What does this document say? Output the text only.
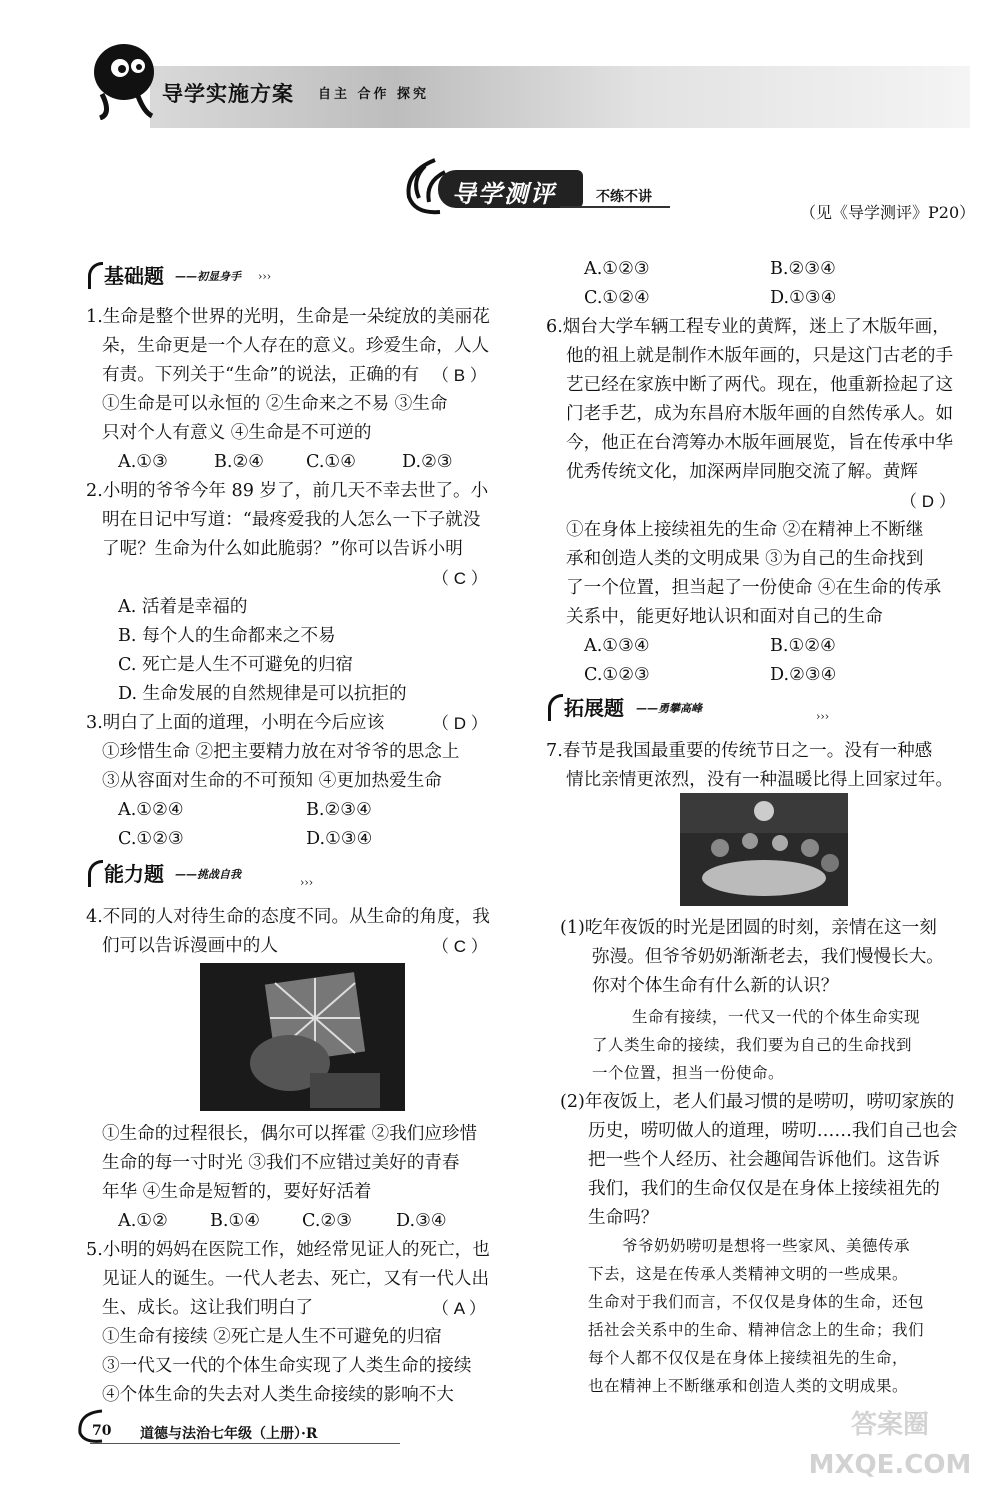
导学实施方案 自主 合作 探究
导学测评	不练不讲
（见《导学测评》P20）
基础题 ——初显身手 ›››
1.生命是整个世界的光明，生命是一朵绽放的美丽花
朵，生命更是一个人存在的意义。珍爱生命，人人
有责。下列关于“生命”的说法，正确的有 （ B ）
①生命是可以永恒的 ②生命来之不易 ③生命
只对个人有意义 ④生命是不可逆的
A.①③	B.②④ C.①④	D.②③
2.小明的爷爷今年 89 岁了，前几天不幸去世了。小
明在日记中写道：“最疼爱我的人怎么一下子就没
了呢？生命为什么如此脆弱？”你可以告诉小明
（ C ）
A. 活着是幸福的
B. 每个人的生命都来之不易
C. 死亡是人生不可避免的归宿
D. 生命发展的自然规律是可以抗拒的
3.明白了上面的道理，小明在今后应该	（ D ）
①珍惜生命 ②把主要精力放在对爷爷的思念上
③从容面对生命的不可预知 ④更加热爱生命
A.①②④	B.②③④
C.①②③	D.①③④
能力题 ——挑战自我
›››
4.不同的人对待生命的态度不同。从生命的角度，我
们可以告诉漫画中的人	（ C ）
①生命的过程很长，偶尔可以挥霍 ②我们应珍惜
生命的每一寸时光 ③我们不应错过美好的青春
年华 ④生命是短暂的，要好好活着
A.①② B.①④ C.②③	D.③④
5.小明的妈妈在医院工作，她经常见证人的死亡，也
见证人的诞生。一代人老去、死亡，又有一代人出
生、成长。这让我们明白了	（ A ）
①生命有接续 ②死亡是人生不可避免的归宿
③一代又一代的个体生命实现了人类生命的接续
④个体生命的失去对人类生命接续的影响不大
A.①②③	B.②③④
C.①②④	D.①③④
6.烟台大学车辆工程专业的黄辉，迷上了木版年画，
他的祖上就是制作木版年画的，只是这门古老的手
艺已经在家族中断了两代。现在，他重新捡起了这
门老手艺，成为东昌府木版年画的自然传承人。如
今，他正在台湾筹办木版年画展览，旨在传承中华
优秀传统文化，加深两岸同胞交流了解。黄辉
（ D ）
①在身体上接续祖先的生命 ②在精神上不断继
承和创造人类的文明成果 ③为自己的生命找到
了一个位置，担当起了一份使命 ④在生命的传承
关系中，能更好地认识和面对自己的生命
A.①③④	B.①②④
C.①②③	D.②③④
拓展题 ——勇攀高峰
›››
7.春节是我国最重要的传统节日之一。没有一种感
情比亲情更浓烈，没有一种温暖比得上回家过年。
(1)吃年夜饭的时光是团圆的时刻，亲情在这一刻
弥漫。但爷爷奶奶渐渐老去，我们慢慢长大。
你对个体生命有什么新的认识？
生命有接续，一代又一代的个体生命实现
了人类生命的接续，我们要为自己的生命找到
一个位置，担当一份使命。
(2)年夜饭上，老人们最习惯的是唠叨，唠叨家族的
历史，唠叨做人的道理，唠叨……我们自己也会
把一些个人经历、社会趣闻告诉他们。这告诉
我们，我们的生命仅仅是在身体上接续祖先的
生命吗？
爷爷奶奶唠叨是想将一些家风、美德传承
下去，这是在传承人类精神文明的一些成果。
生命对于我们而言，不仅仅是身体的生命，还包
括社会关系中的生命、精神信念上的生命；我们
每个人都不仅仅是在身体上接续祖先的生命，
也在精神上不断继承和创造人类的文明成果。
70 道德与法治七年级（上册）·R	答案圈 MXQE.COM
